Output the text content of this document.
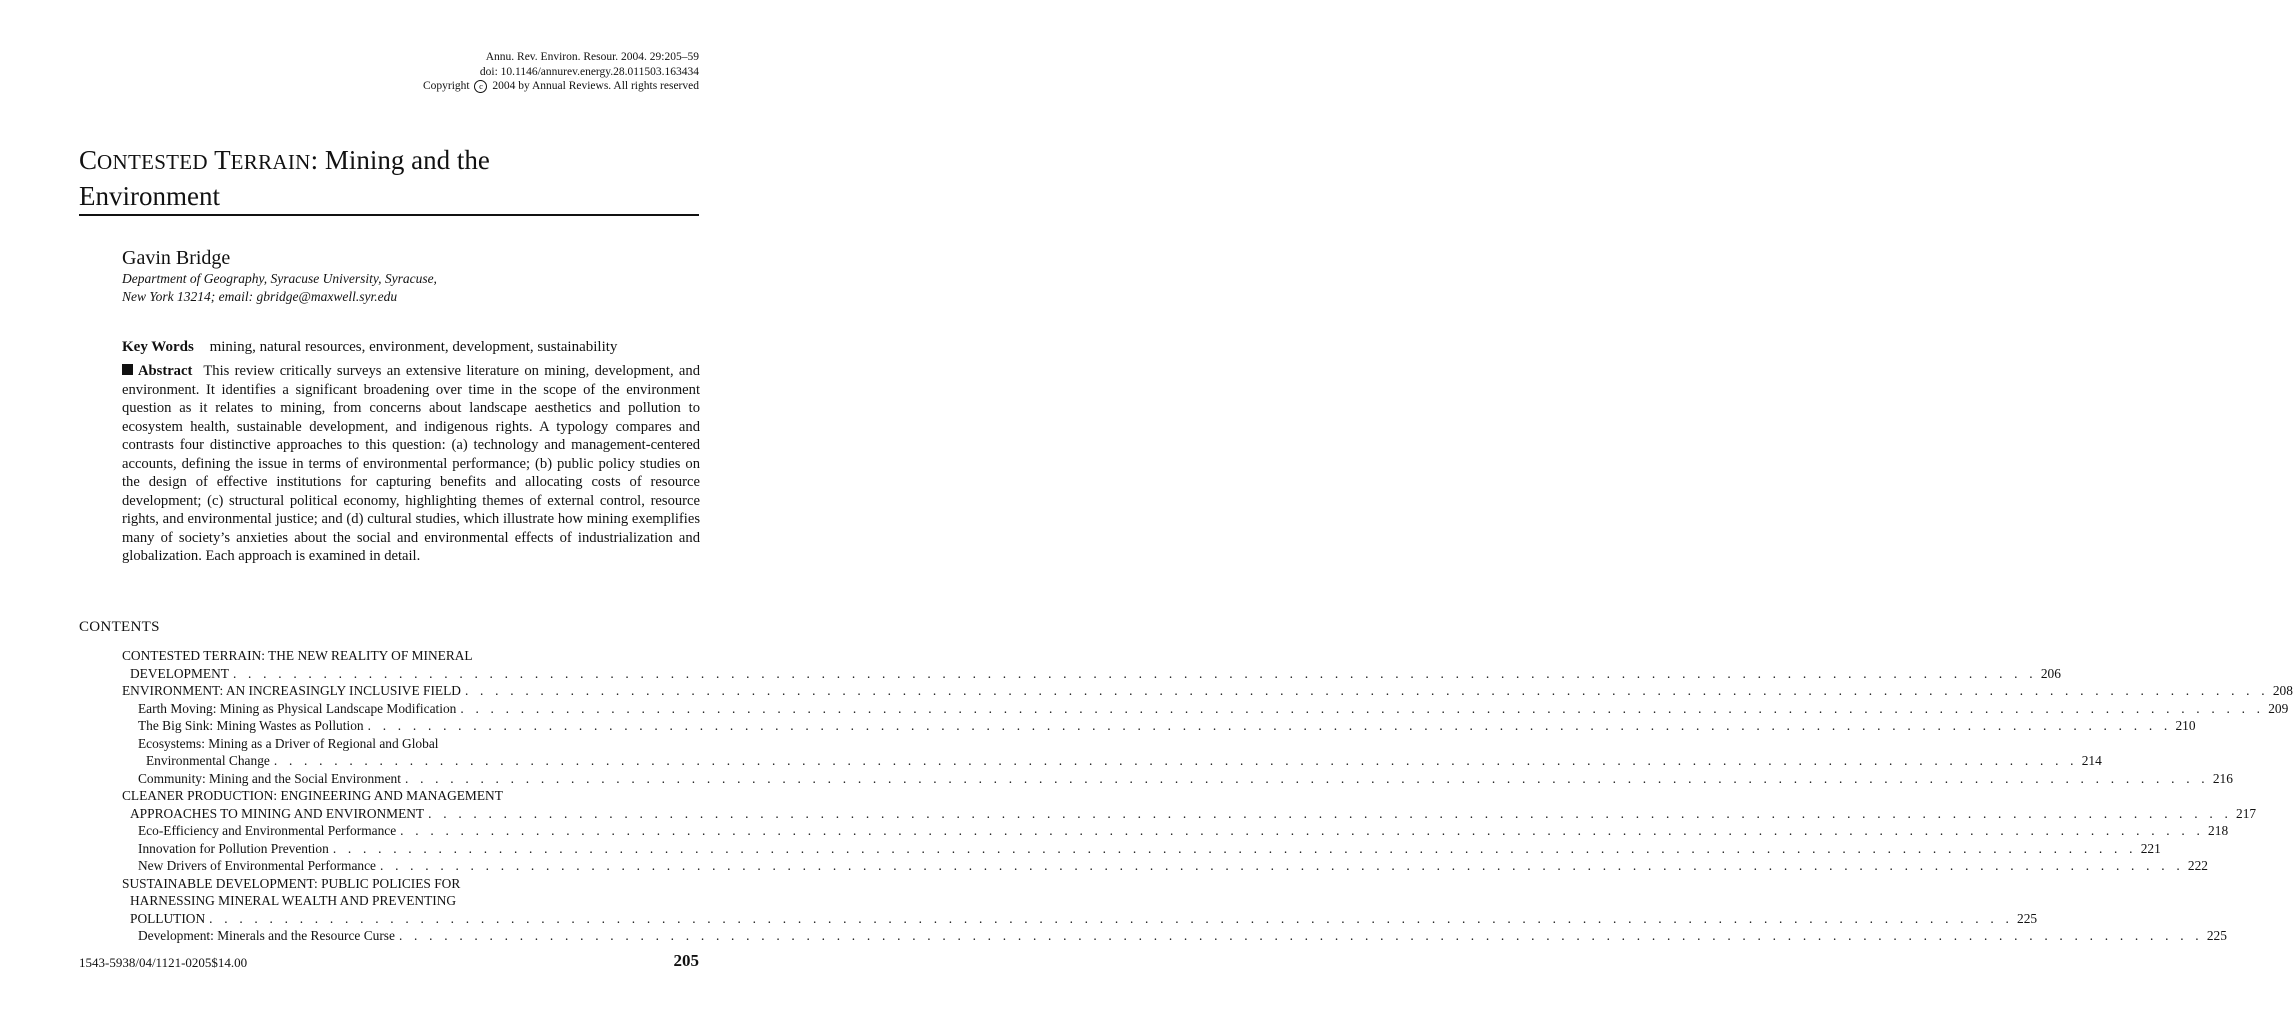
Annu. Rev. Environ. Resour. 2004. 29:205–59
doi: 10.1146/annurev.energy.28.011503.163434
Copyright c 2004 by Annual Reviews. All rights reserved
CONTESTED TERRAIN: Mining and the
Environment
Gavin Bridge
Department of Geography, Syracuse University, Syracuse,
New York 13214; email: gbridge@maxwell.syr.edu
Key Words mining, natural resources, environment, development, sustainability

Abstract This review critically surveys an extensive literature on mining, development, and environment. It identifies a significant broadening over time in the scope of the environment question as it relates to mining, from concerns about landscape aesthetics and pollution to ecosystem health, sustainable development, and indigenous rights. A typology compares and contrasts four distinctive approaches to this question: (a) technology and management-centered accounts, defining the issue in terms of environmental performance; (b) public policy studies on the design of effective institutions for capturing benefits and allocating costs of resource development; (c) structural political economy, highlighting themes of external control, resource rights, and environmental justice; and (d) cultural studies, which illustrate how mining exemplifies many of society’s anxieties about the social and environmental effects of industrialization and globalization. Each approach is examined in detail.

CONTENTS
CONTESTED TERRAIN: THE NEW REALITY OF MINERAL
DEVELOPMENT . . . . . . . . . . . . . . . . . . . . . . . . . . . . . . . . . . . . . . . . . . . . . . . . . . . . . . . . . . . . . . . . . . . . . . . . . . . . . . . . . . . . . . . . . . . . . . . . . . . . . . . . . . . . . . . . . . . . . . . . 206
ENVIRONMENT: AN INCREASINGLY INCLUSIVE FIELD . . . . . . . . . . . . . . . . . . . . . . . . . . . . . . . . . . . . . . . . . . . . . . . . . . . . . . . . . . . . . . . . . . . . . . . . . . . . . . . . . . . . . . . . . . . . . . . . . . . . . . . . . . . . . . . . . . . . . . . . 208
Earth Moving: Mining as Physical Landscape Modification . . . . . . . . . . . . . . . . . . . . . . . . . . . . . . . . . . . . . . . . . . . . . . . . . . . . . . . . . . . . . . . . . . . . . . . . . . . . . . . . . . . . . . . . . . . . . . . . . . . . . . . . . . . . . . . . . . . . . . . . 209
The Big Sink: Mining Wastes as Pollution . . . . . . . . . . . . . . . . . . . . . . . . . . . . . . . . . . . . . . . . . . . . . . . . . . . . . . . . . . . . . . . . . . . . . . . . . . . . . . . . . . . . . . . . . . . . . . . . . . . . . . . . . . . . . . . . . . . . . . . . 210
Ecosystems: Mining as a Driver of Regional and Global
Environmental Change . . . . . . . . . . . . . . . . . . . . . . . . . . . . . . . . . . . . . . . . . . . . . . . . . . . . . . . . . . . . . . . . . . . . . . . . . . . . . . . . . . . . . . . . . . . . . . . . . . . . . . . . . . . . . . . . . . . . . . . . 214
Community: Mining and the Social Environment . . . . . . . . . . . . . . . . . . . . . . . . . . . . . . . . . . . . . . . . . . . . . . . . . . . . . . . . . . . . . . . . . . . . . . . . . . . . . . . . . . . . . . . . . . . . . . . . . . . . . . . . . . . . . . . . . . . . . . . . 216
CLEANER PRODUCTION: ENGINEERING AND MANAGEMENT
APPROACHES TO MINING AND ENVIRONMENT . . . . . . . . . . . . . . . . . . . . . . . . . . . . . . . . . . . . . . . . . . . . . . . . . . . . . . . . . . . . . . . . . . . . . . . . . . . . . . . . . . . . . . . . . . . . . . . . . . . . . . . . . . . . . . . . . . . . . . . . 217
Eco-Efficiency and Environmental Performance . . . . . . . . . . . . . . . . . . . . . . . . . . . . . . . . . . . . . . . . . . . . . . . . . . . . . . . . . . . . . . . . . . . . . . . . . . . . . . . . . . . . . . . . . . . . . . . . . . . . . . . . . . . . . . . . . . . . . . . . 218
Innovation for Pollution Prevention . . . . . . . . . . . . . . . . . . . . . . . . . . . . . . . . . . . . . . . . . . . . . . . . . . . . . . . . . . . . . . . . . . . . . . . . . . . . . . . . . . . . . . . . . . . . . . . . . . . . . . . . . . . . . . . . . . . . . . . . 221
New Drivers of Environmental Performance . . . . . . . . . . . . . . . . . . . . . . . . . . . . . . . . . . . . . . . . . . . . . . . . . . . . . . . . . . . . . . . . . . . . . . . . . . . . . . . . . . . . . . . . . . . . . . . . . . . . . . . . . . . . . . . . . . . . . . . . 222
SUSTAINABLE DEVELOPMENT: PUBLIC POLICIES FOR
HARNESSING MINERAL WEALTH AND PREVENTING
POLLUTION . . . . . . . . . . . . . . . . . . . . . . . . . . . . . . . . . . . . . . . . . . . . . . . . . . . . . . . . . . . . . . . . . . . . . . . . . . . . . . . . . . . . . . . . . . . . . . . . . . . . . . . . . . . . . . . . . . . . . . . . 225
Development: Minerals and the Resource Curse . . . . . . . . . . . . . . . . . . . . . . . . . . . . . . . . . . . . . . . . . . . . . . . . . . . . . . . . . . . . . . . . . . . . . . . . . . . . . . . . . . . . . . . . . . . . . . . . . . . . . . . . . . . . . . . . . . . . . . . . 225
1543-5938/04/1121-0205$14.00	205
